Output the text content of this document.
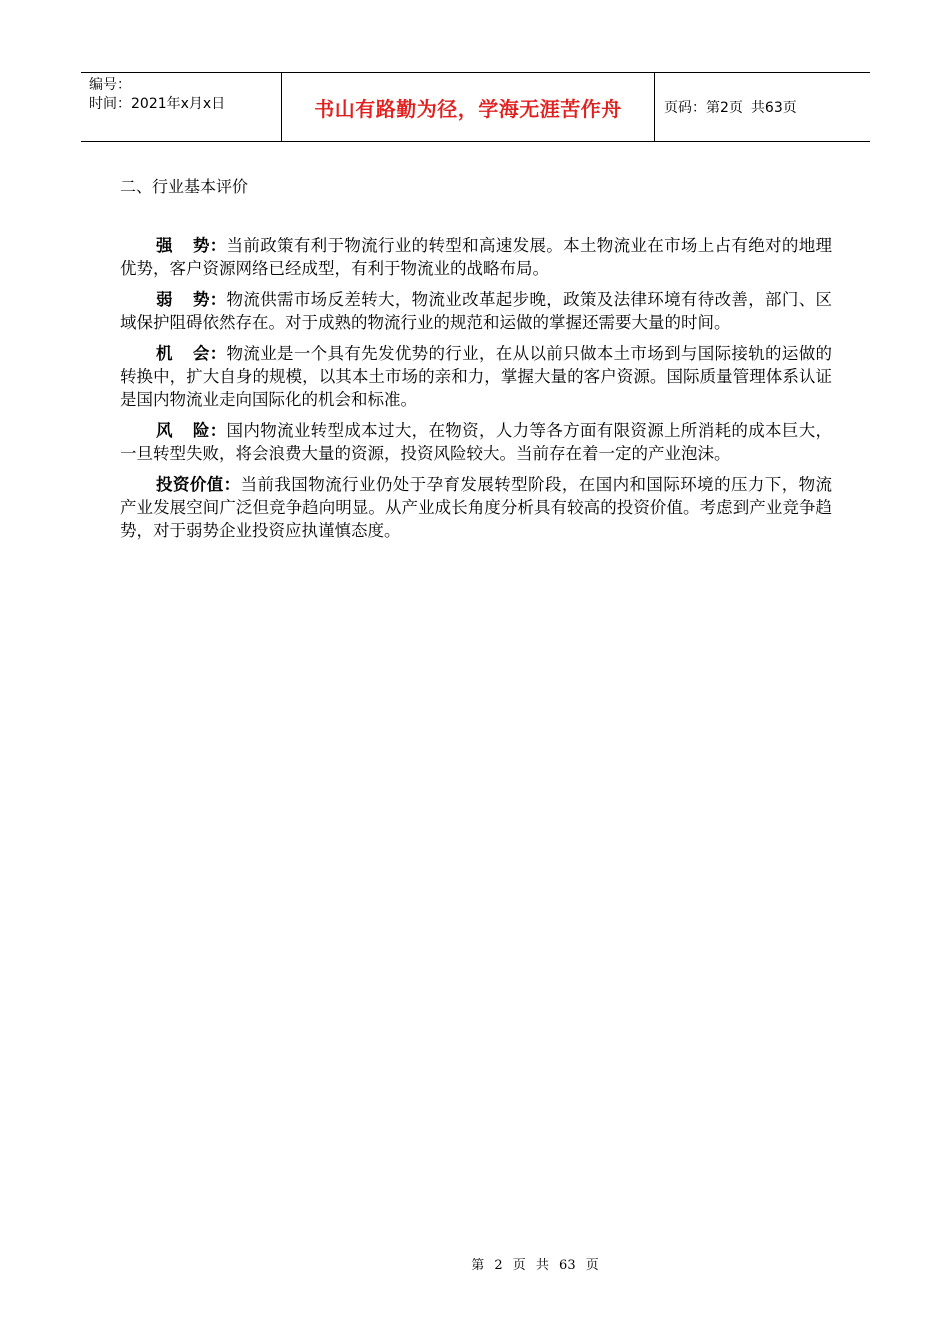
编号：
时间：2021年x月x日	书山有路勤为径，学海无涯苦作舟	页码：第2页 共63页
二、行业基本评价

强势：当前政策有利于物流行业的转型和高速发展。本土物流业在市场上占有绝对的地理优势，客户资源网络已经成型，有利于物流业的战略布局。

弱势：物流供需市场反差转大，物流业改革起步晚，政策及法律环境有待改善，部门、区域保护阻碍依然存在。对于成熟的物流行业的规范和运做的掌握还需要大量的时间。

机会：物流业是一个具有先发优势的行业，在从以前只做本土市场到与国际接轨的运做的转换中，扩大自身的规模，以其本土市场的亲和力，掌握大量的客户资源。国际质量管理体系认证是国内物流业走向国际化的机会和标准。

风险：国内物流业转型成本过大，在物资，人力等各方面有限资源上所消耗的成本巨大，一旦转型失败，将会浪费大量的资源，投资风险较大。当前存在着一定的产业泡沫。

投资价值：当前我国物流行业仍处于孕育发展转型阶段，在国内和国际环境的压力下，物流产业发展空间广泛但竞争趋向明显。从产业成长角度分析具有较高的投资价值。考虑到产业竞争趋势，对于弱势企业投资应执谨慎态度。

第 2 页 共 63 页
